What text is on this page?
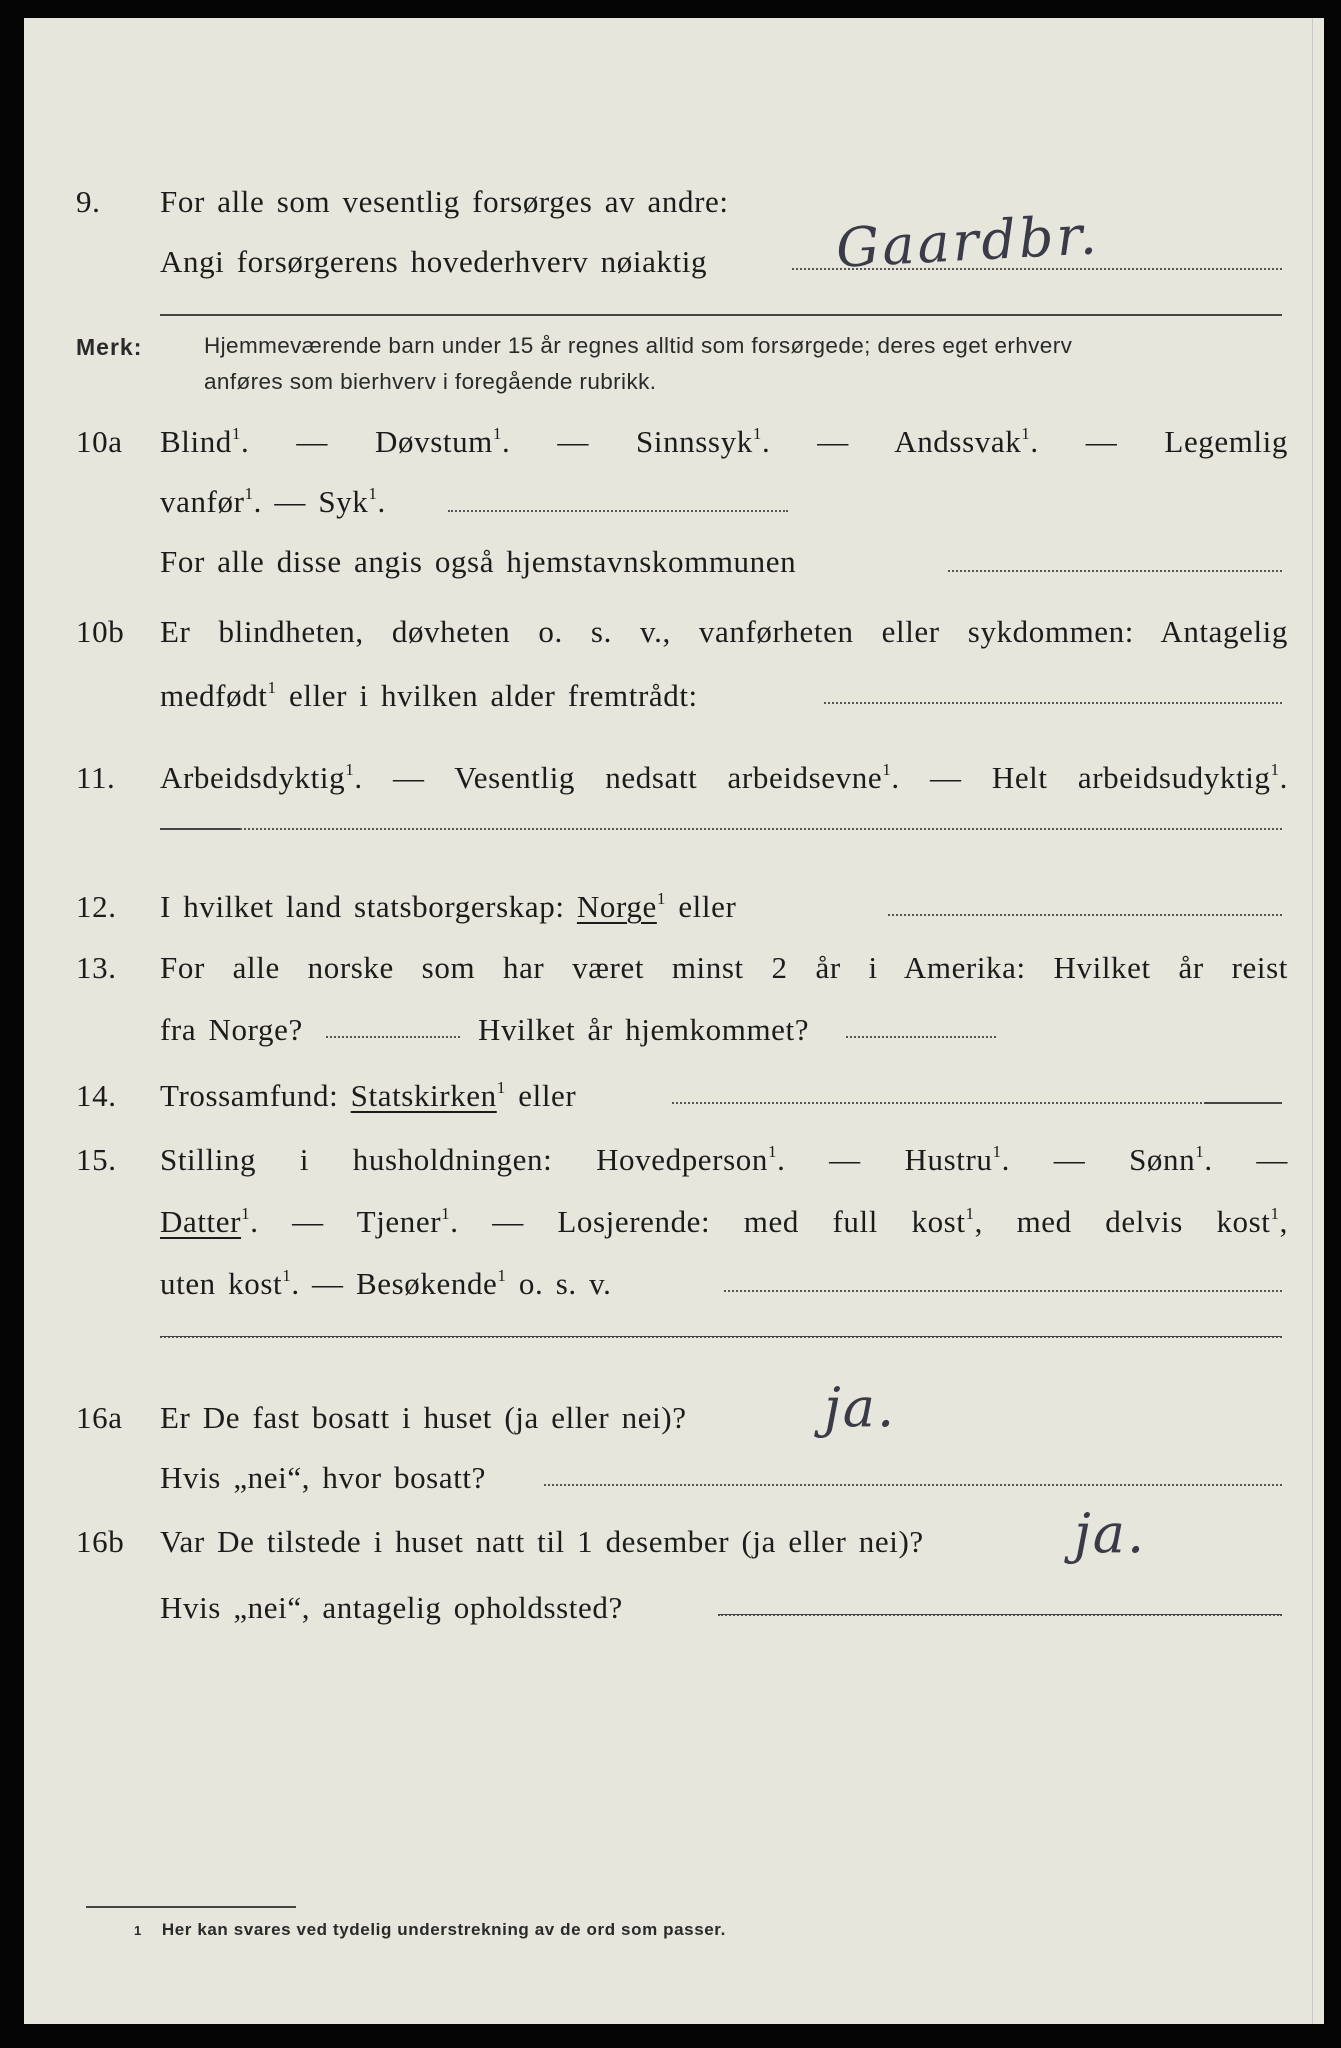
9. For alle som vesentlig forsørges av andre:
Angi forsørgerens hovederhverv nøiaktig	Gaardbr.
Merk:	Hjemmeværende barn under 15 år regnes alltid som forsørgede; deres eget erhverv
anføres som bierhverv i foregående rubrikk.
10a Blind$^1$. — Døvstum$^1$. — Sinnssyk$^1$. — Andssvak$^1$. — Legemlig
vanfør$^1$. — Syk$^1$.
For alle disse angis også hjemstavnskommunen
10b Er blindheten, døvheten o. s. v., vanførheten eller sykdommen: Antagelig
medfødt$^1$ eller i hvilken alder fremtrådt:
11. Arbeidsdyktig$^1$. — Vesentlig nedsatt arbeidsevne$^1$. — Helt arbeidsudyktig$^1$.
12. I hvilket land statsborgerskap: Norge$^1$ eller
13. For alle norske som har været minst 2 år i Amerika: Hvilket år reist
fra Norge?	Hvilket år hjemkommet?
14. Trossamfund: Statskirken$^1$ eller
15. Stilling i husholdningen: Hovedperson$^1$. — Hustru$^1$. — Sønn$^1$. —
Datter$^1$. — Tjener$^1$. — Losjerende: med full kost$^1$, med delvis kost$^1$,
uten kost$^1$. — Besøkende$^1$ o. s. v.
16a Er De fast bosatt i huset (ja eller nei)?	ja.
Hvis „nei“, hvor bosatt?
16b Var De tilstede i huset natt til 1 desember (ja eller nei)?	ja.
Hvis „nei“, antagelig opholdssted?
1 Her kan svares ved tydelig understrekning av de ord som passer.
